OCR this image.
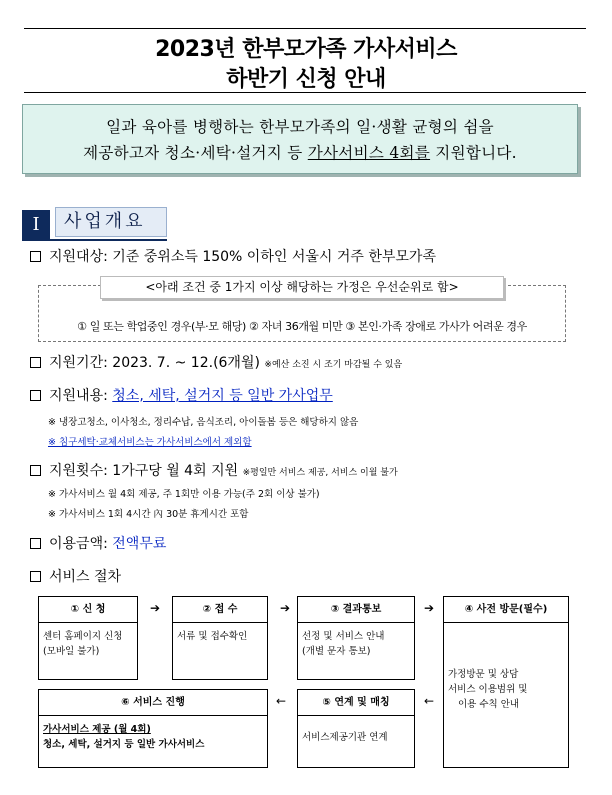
2023년 한부모가족 가사서비스
하반기 신청 안내
일과 육아를 병행하는 한부모가족의 일·생활 균형의 쉼을
제공하고자 청소·세탁·설거지 등 가사서비스 4회를 지원합니다.
I	사업개요
지원대상: 기준 중위소득 150% 이하인 서울시 거주 한부모가족
<아래 조건 중 1가지 이상 해당하는 가정은 우선순위로 함>
① 일 또는 학업중인 경우(부·모 해당) ② 자녀 36개월 미만 ③ 본인·가족 장애로 가사가 어려운 경우
지원기간: 2023. 7. ~ 12.(6개월) ※예산 소진 시 조기 마감될 수 있음
지원내용: 청소, 세탁, 설거지 등 일반 가사업무
※ 냉장고청소, 이사청소, 정리수납, 음식조리, 아이돌봄 등은 해당하지 않음
※ 침구세탁·교체서비스는 가사서비스에서 제외함
지원횟수: 1가구당 월 4회 지원 ※평일만 서비스 제공, 서비스 이월 불가
※ 가사서비스 월 4회 제공, 주 1회만 이용 가능(주 2회 이상 불가)
※ 가사서비스 1회 4시간 內 30분 휴게시간 포함
이용금액: 전액무료
서비스 절차
① 신 청
센터 홈페이지 신청
(모바일 불가)
➔	② 접 수
서류 및 접수확인
➔	③ 결과통보
선정 및 서비스 안내
(개별 문자 통보)
➔	④ 사전 방문(필수)
가정방문 및 상담
서비스 이용범위 및
이용 수칙 안내
⑥ 서비스 진행
가사서비스 제공 (월 4회)
청소, 세탁, 설거지 등 일반 가사서비스
←	⑤ 연계 및 매칭
서비스제공기관 연계
←
